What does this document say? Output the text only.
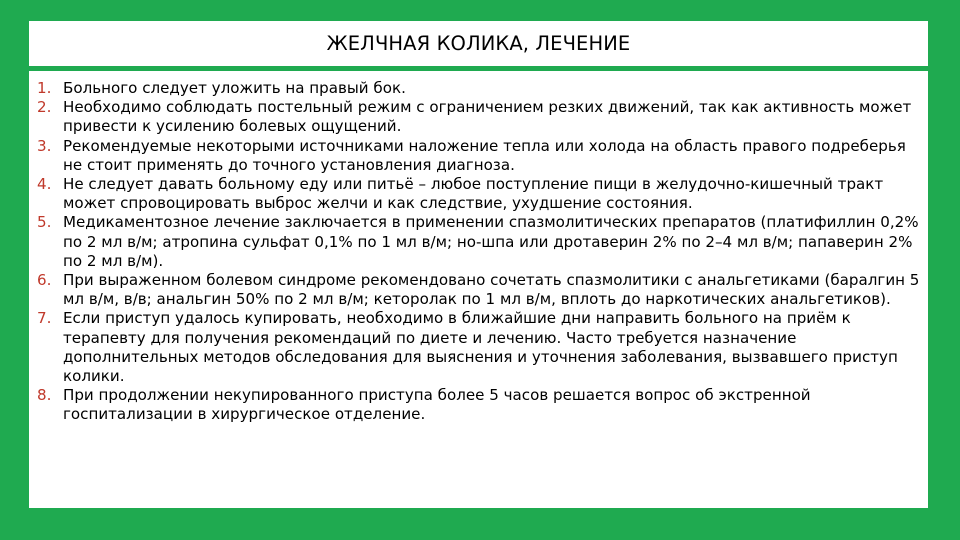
ЖЕЛЧНАЯ КОЛИКА, ЛЕЧЕНИЕ
1. Больного следует уложить на правый бок.
2. Необходимо соблюдать постельный режим с ограничением резких движений, так как активность может привести к усилению болевых ощущений.
3. Рекомендуемые некоторыми источниками наложение тепла или холода на область правого подреберья не стоит применять до точного установления диагноза.
4. Не следует давать больному еду или питьё – любое поступление пищи в желудочно-кишечный тракт может спровоцировать выброс желчи и как следствие, ухудшение состояния.
5. Медикаментозное лечение заключается в применении спазмолитических препаратов (платифиллин 0,2% по 2 мл в/м; атропина сульфат 0,1% по 1 мл в/м; но-шпа или дротаверин 2% по 2–4 мл в/м; папаверин 2% по 2 мл в/м).
6. При выраженном болевом синдроме рекомендовано сочетать спазмолитики с анальгетиками (баралгин 5 мл в/м, в/в; анальгин 50% по 2 мл в/м; кеторолак по 1 мл в/м, вплоть до наркотических анальгетиков).
7. Если приступ удалось купировать, необходимо в ближайшие дни направить больного на приём к терапевту для получения рекомендаций по диете и лечению. Часто требуется назначение дополнительных методов обследования для выяснения и уточнения заболевания, вызвавшего приступ колики.
8. При продолжении некупированного приступа более 5 часов решается вопрос об экстренной госпитализации в хирургическое отделение.
